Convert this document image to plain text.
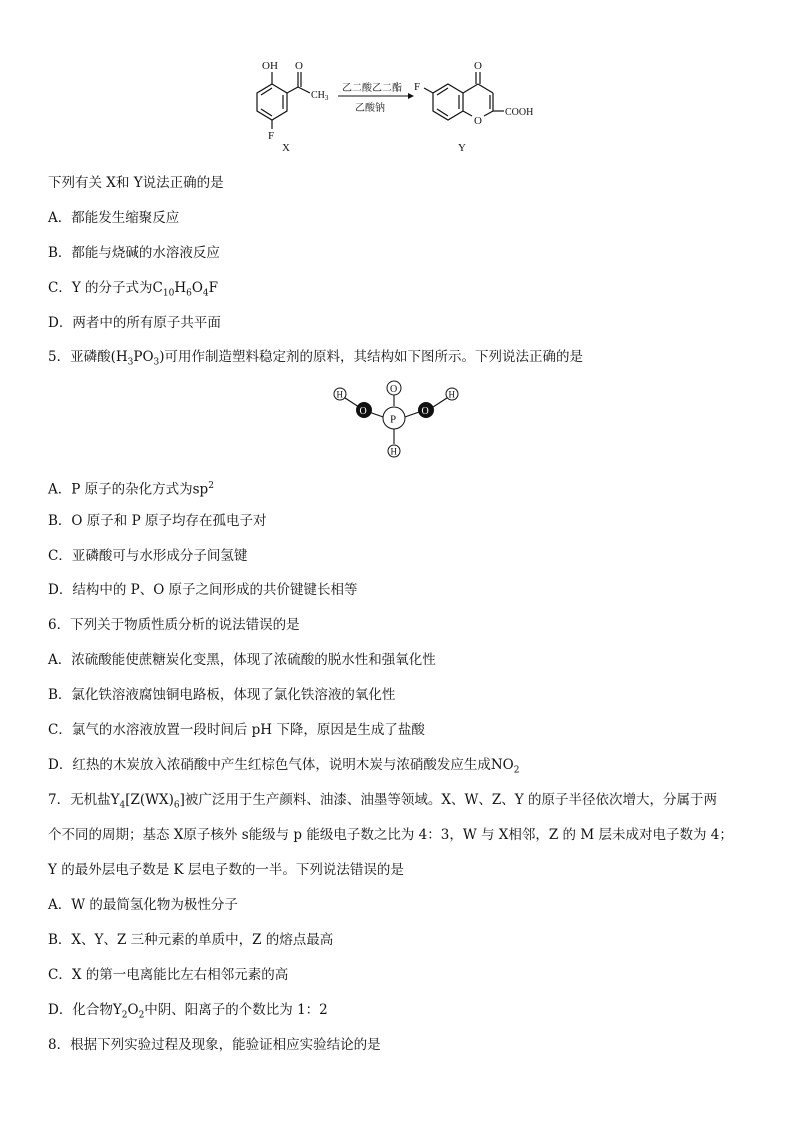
OH O
$CH_3$
F
X
乙二酸乙二酯
乙酸钠
O
F
O
COOH
Y
下列有关 X和 Y说法正确的是
A．都能发生缩聚反应
B．都能与烧碱的水溶液反应
C．Y 的分子式为$C_{10}H_6O_4F$
D．两者中的所有原子共平面
5．亚磷酸$(H_3PO_3)$可用作制造塑料稳定剂的原料，其结构如下图所示。下列说法正确的是
H
O
O
P
O
H
H
A．P 原子的杂化方式为$sp^2$
B．O 原子和 P 原子均存在孤电子对
C．亚磷酸可与水形成分子间氢键
D．结构中的 P、O 原子之间形成的共价键键长相等
6．下列关于物质性质分析的说法错误的是
A．浓硫酸能使蔗糖炭化变黑，体现了浓硫酸的脱水性和强氧化性
B．氯化铁溶液腐蚀铜电路板，体现了氯化铁溶液的氧化性
C．氯气的水溶液放置一段时间后 pH 下降，原因是生成了盐酸
D．红热的木炭放入浓硝酸中产生红棕色气体，说明木炭与浓硝酸发应生成$NO_2$
7．无机盐$Y_4[Z(WX)_6]$被广泛用于生产颜料、油漆、油墨等领域。X、W、Z、Y 的原子半径依次增大，分属于两
个不同的周期；基态 X原子核外 s能级与 p 能级电子数之比为 4：3，W 与 X相邻，Z 的 M 层未成对电子数为 4；
Y 的最外层电子数是 K 层电子数的一半。下列说法错误的是
A．W 的最简氢化物为极性分子
B．X、Y、Z 三种元素的单质中，Z 的熔点最高
C．X 的第一电离能比左右相邻元素的高
D．化合物$Y_2O_2$中阴、阳离子的个数比为 1：2
8．根据下列实验过程及现象，能验证相应实验结论的是
